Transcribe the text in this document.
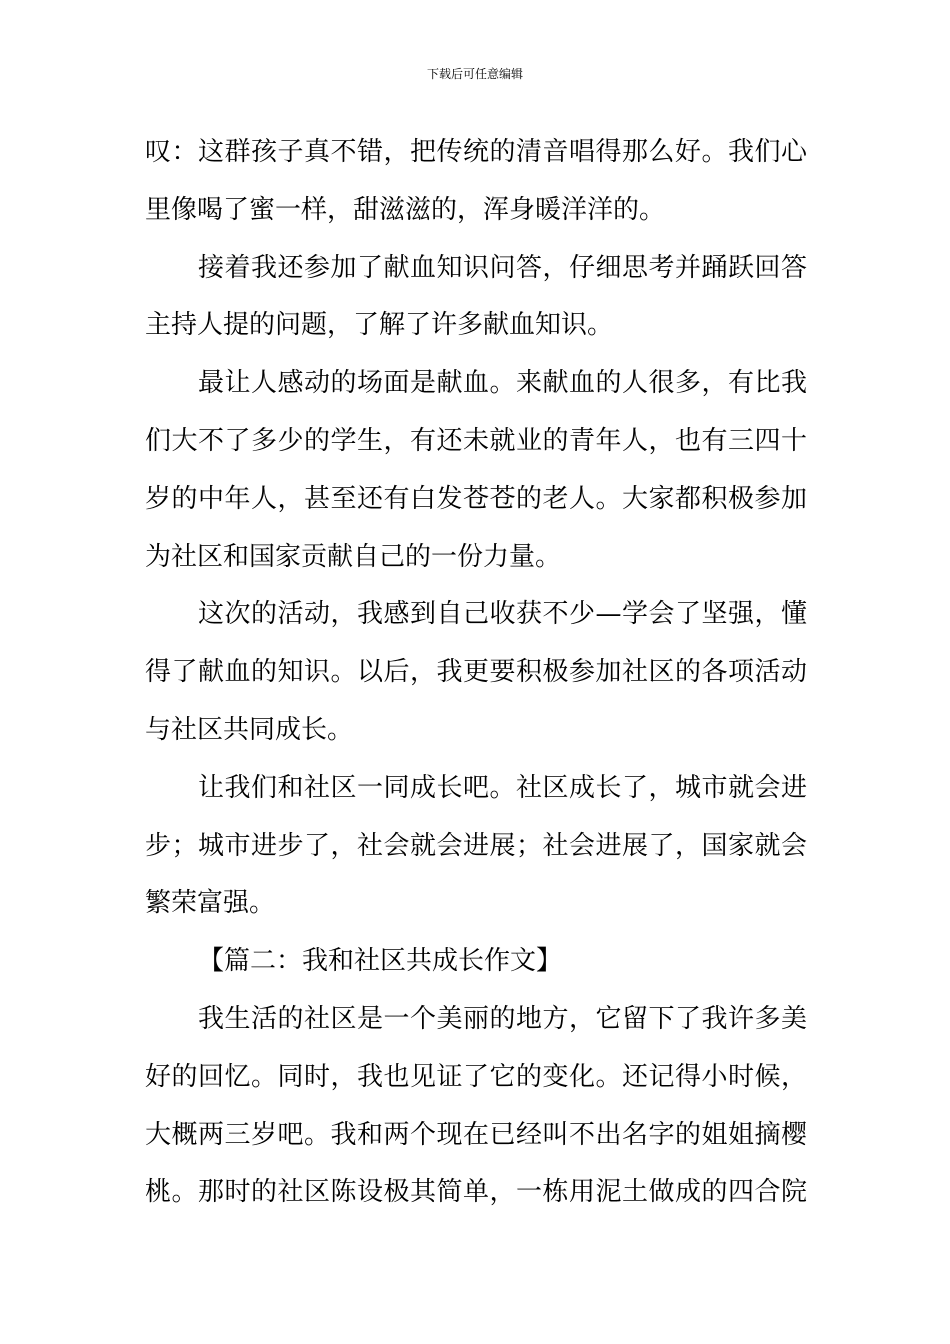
下载后可任意编辑
叹：这群孩子真不错，把传统的清音唱得那么好。我们心
里像喝了蜜一样，甜滋滋的，浑身暖洋洋的。
接着我还参加了献血知识问答，仔细思考并踊跃回答
主持人提的问题，了解了许多献血知识。
最让人感动的场面是献血。来献血的人很多，有比我
们大不了多少的学生，有还未就业的青年人，也有三四十
岁的中年人，甚至还有白发苍苍的老人。大家都积极参加
为社区和国家贡献自己的一份力量。
这次的活动，我感到自己收获不少—学会了坚强，懂
得了献血的知识。以后，我更要积极参加社区的各项活动
与社区共同成长。
让我们和社区一同成长吧。社区成长了，城市就会进
步；城市进步了，社会就会进展；社会进展了，国家就会
繁荣富强。
【篇二：我和社区共成长作文】
我生活的社区是一个美丽的地方，它留下了我许多美
好的回忆。同时，我也见证了它的变化。还记得小时候，
大概两三岁吧。我和两个现在已经叫不出名字的姐姐摘樱
桃。那时的社区陈设极其简单，一栋用泥土做成的四合院
